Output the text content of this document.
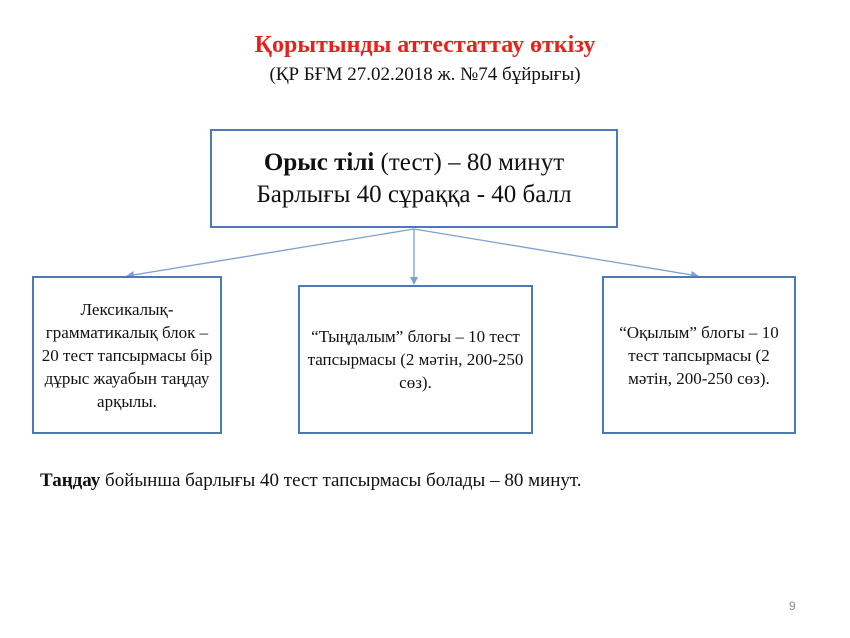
Қорытынды аттестаттау өткізу
(ҚР БҒМ 27.02.2018 ж. №74 бұйрығы)
Орыс тілі (тест) – 80 минут
Барлығы 40 сұраққа - 40 балл
Лексикалық-грамматикалық блок – 20 тест тапсырмасы бір дұрыс жауабын таңдау арқылы.
“Тыңдалым” блогы – 10 тест тапсырмасы (2 мәтін, 200-250 сөз).
“Оқылым” блогы – 10 тест тапсырмасы (2 мәтін, 200-250 сөз).
Таңдау бойынша барлығы 40 тест тапсырмасы болады – 80 минут.
9
